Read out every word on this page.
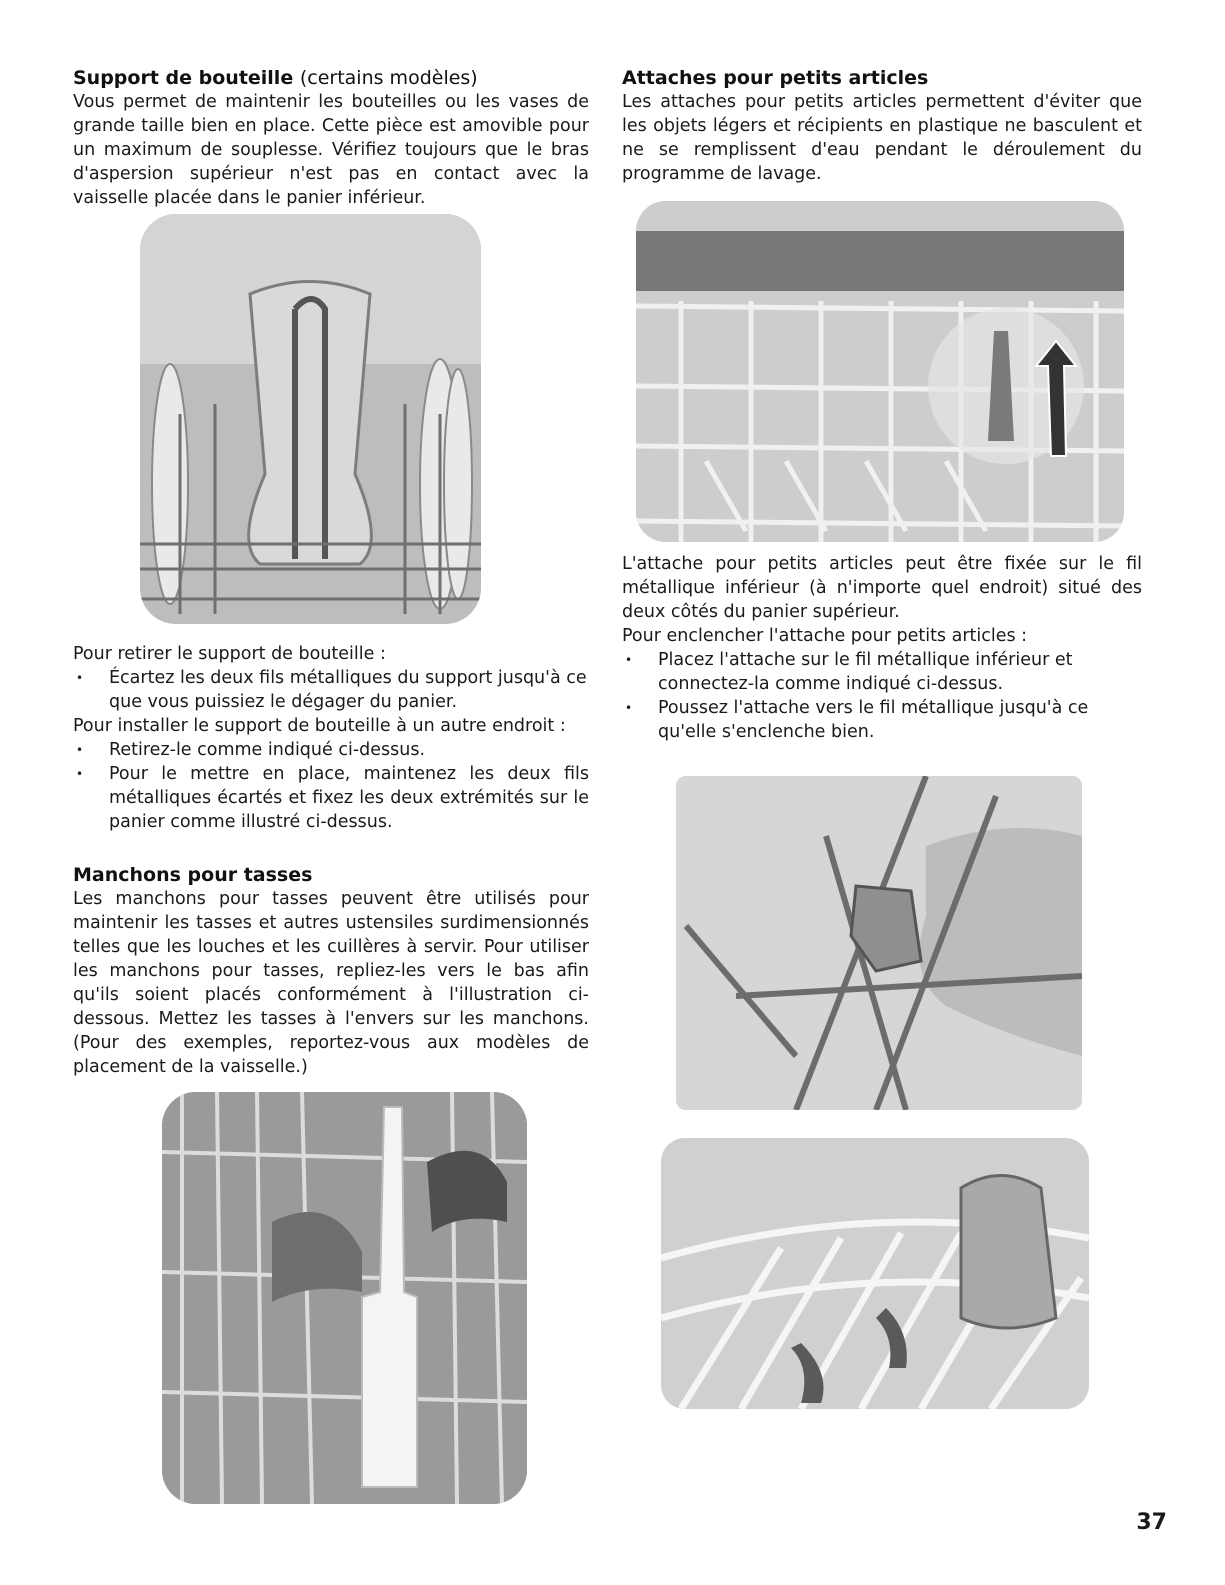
Support de bouteille (certains modèles)

Vous permet de maintenir les bouteilles ou les vases de grande taille bien en place. Cette pièce est amovible pour un maximum de souplesse. Vérifiez toujours que le bras d'aspersion supérieur n'est pas en contact avec la vaisselle placée dans le panier inférieur.

Pour retirer le support de bouteille :
• Écartez les deux fils métalliques du support jusqu'à ce que vous puissiez le dégager du panier.
Pour installer le support de bouteille à un autre endroit :
• Retirez-le comme indiqué ci-dessus.
• Pour le mettre en place, maintenez les deux fils métalliques écartés et fixez les deux extrémités sur le panier comme illustré ci-dessus.
Manchons pour tasses

Les manchons pour tasses peuvent être utilisés pour maintenir les tasses et autres ustensiles surdimensionnés telles que les louches et les cuillères à servir. Pour utiliser les manchons pour tasses, repliez-les vers le bas afin qu'ils soient placés conformément à l'illustration ci-dessous. Mettez les tasses à l'envers sur les manchons. (Pour des exemples, reportez-vous aux modèles de placement de la vaisselle.)

Attaches pour petits articles

Les attaches pour petits articles permettent d'éviter que les objets légers et récipients en plastique ne basculent et ne se remplissent d'eau pendant le déroulement du programme de lavage.

L'attache pour petits articles peut être fixée sur le fil métallique inférieur (à n'importe quel endroit) situé des deux côtés du panier supérieur.

Pour enclencher l'attache pour petits articles :
• Placez l'attache sur le fil métallique inférieur et connectez-la comme indiqué ci-dessus.
• Poussez l'attache vers le fil métallique jusqu'à ce qu'elle s'enclenche bien.
37
